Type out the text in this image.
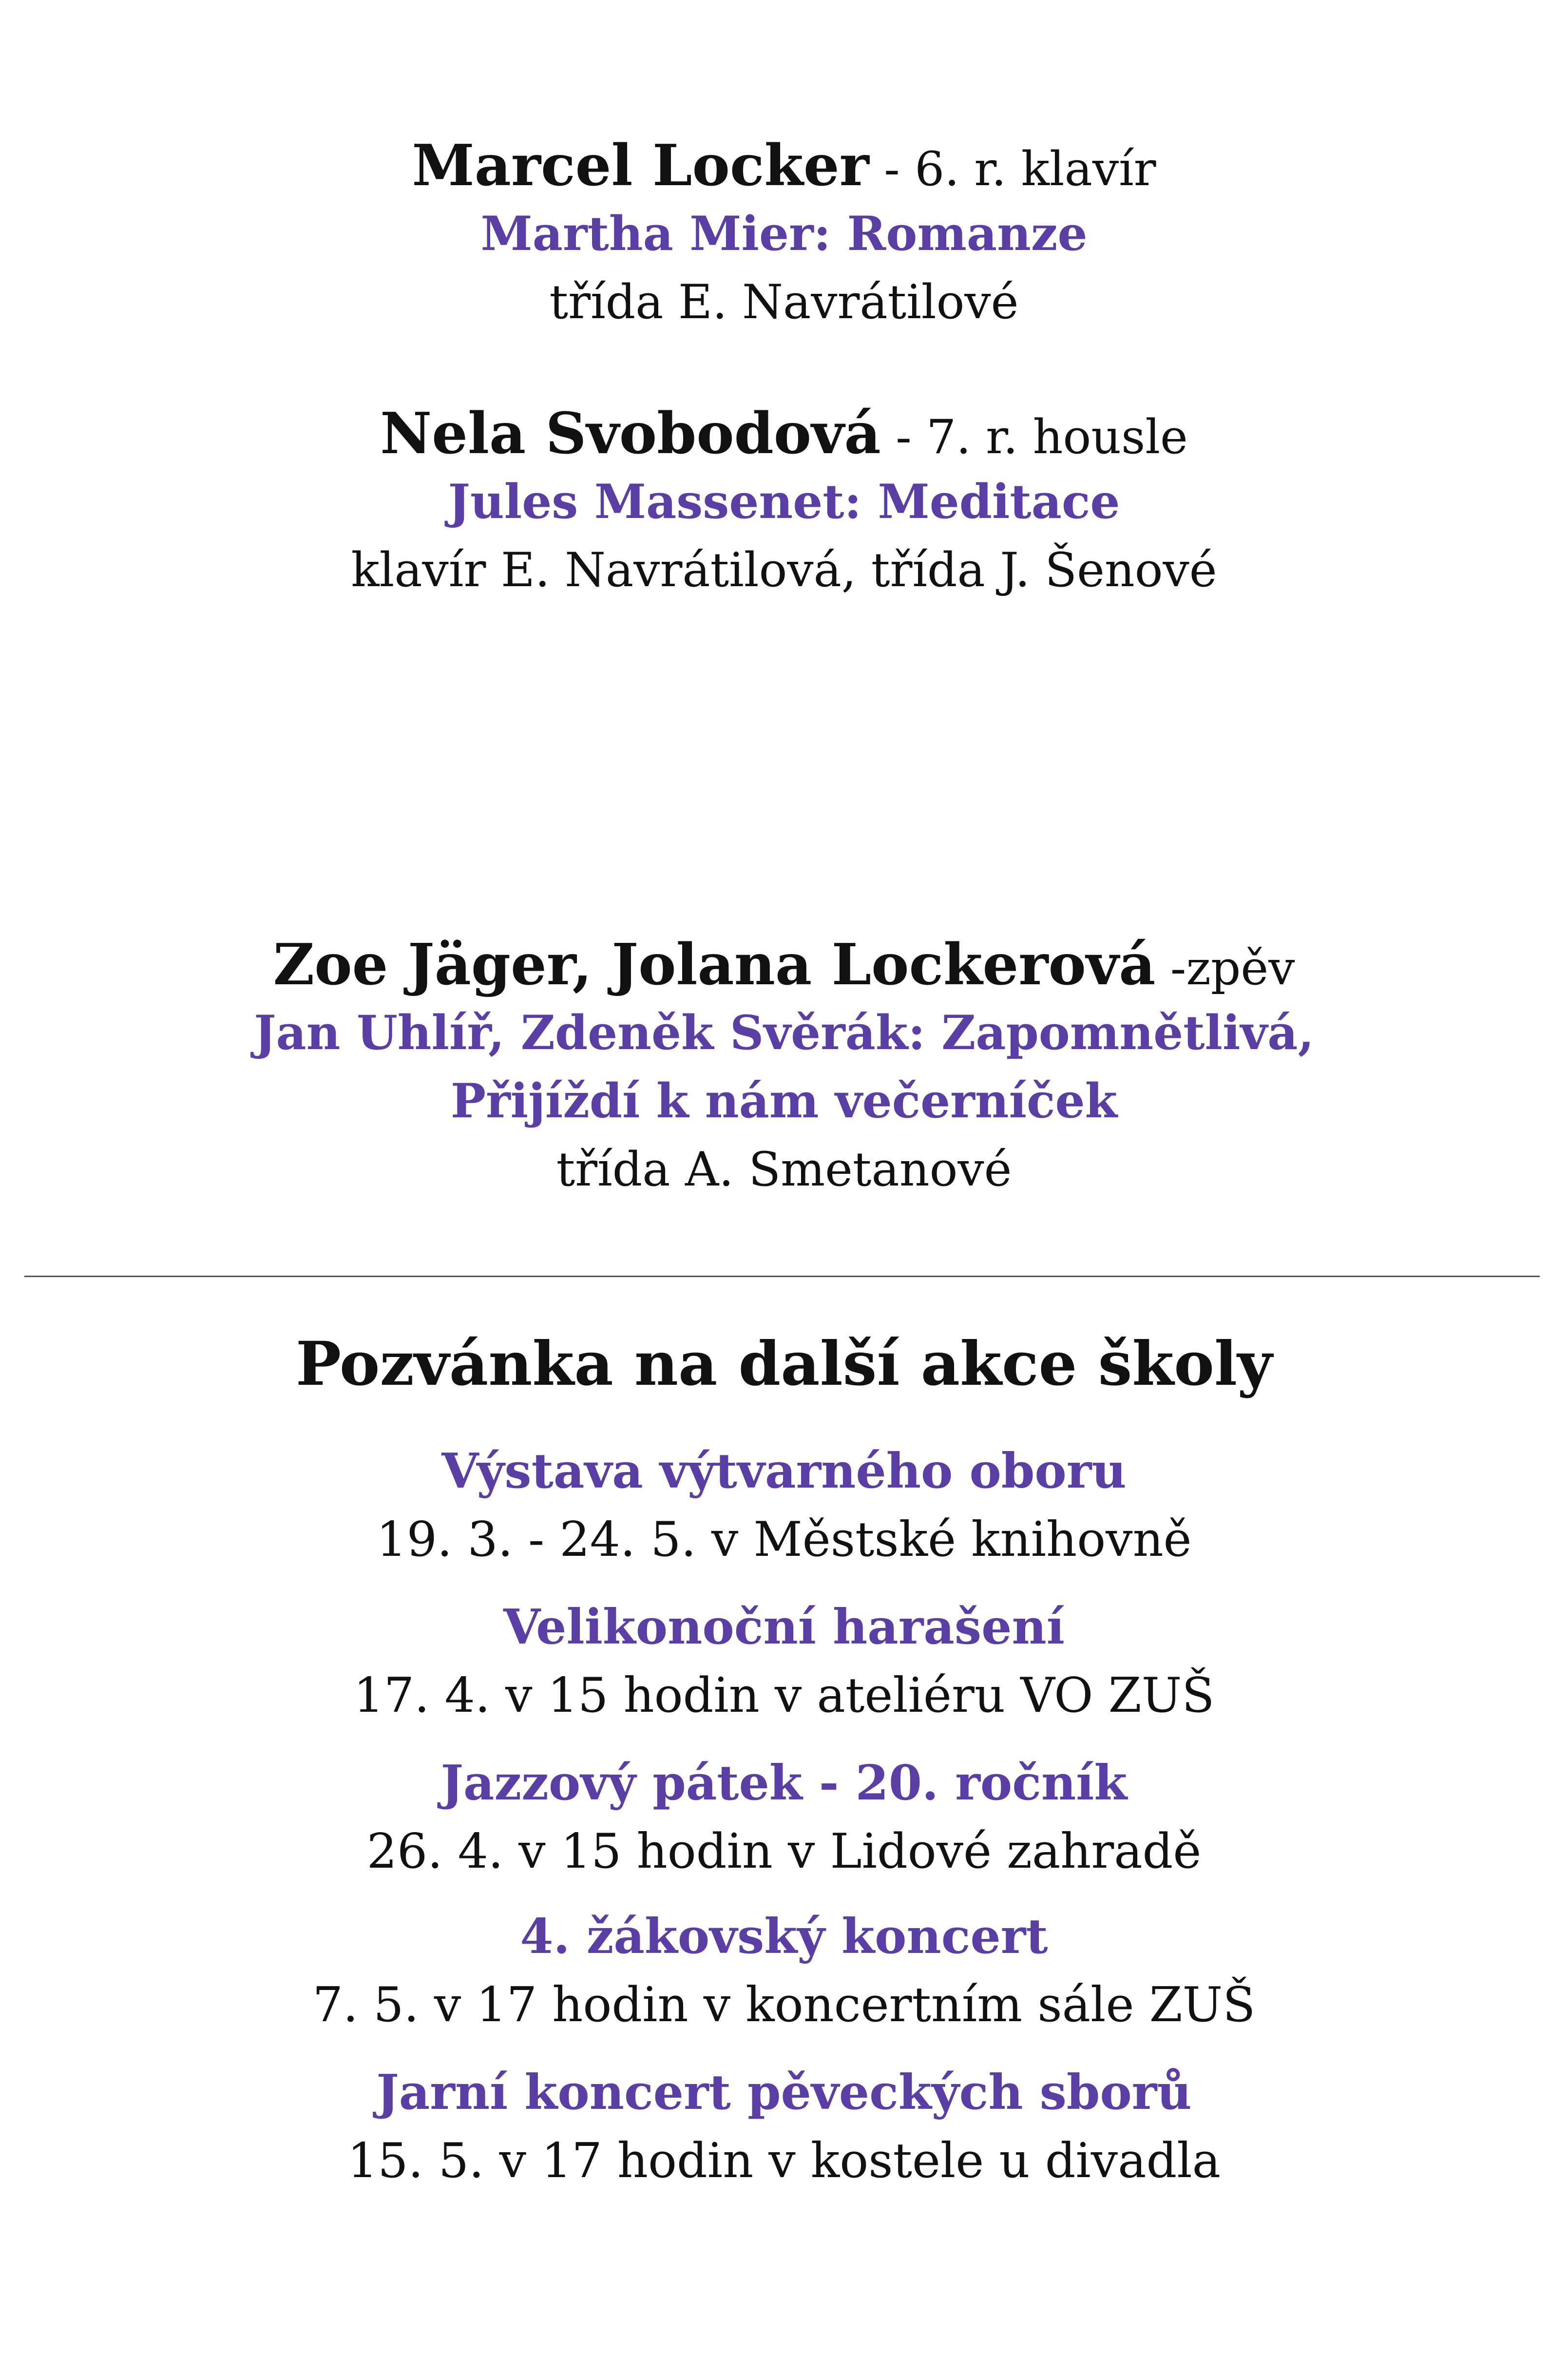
Marcel Locker - 6. r. klavír
Martha Mier: Romanze
třída E. Navrátilové
Nela Svobodová - 7. r. housle
Jules Massenet: Meditace
klavír E. Navrátilová, třída J. Šenové
Zoe Jäger, Jolana Lockerová -zpěv
Jan Uhlíř, Zdeněk Svěrák: Zapomnětlivá,
Přijíždí k nám večerníček
třída A. Smetanové
Pozvánka na další akce školy
Výstava výtvarného oboru
19. 3. - 24. 5. v Městské knihovně
Velikonoční harašení
17. 4. v 15 hodin v ateliéru VO ZUŠ
Jazzový pátek - 20. ročník
26. 4. v 15 hodin v Lidové zahradě
4. žákovský koncert
7. 5. v 17 hodin v koncertním sále ZUŠ
Jarní koncert pěveckých sborů
15. 5. v 17 hodin v kostele u divadla
